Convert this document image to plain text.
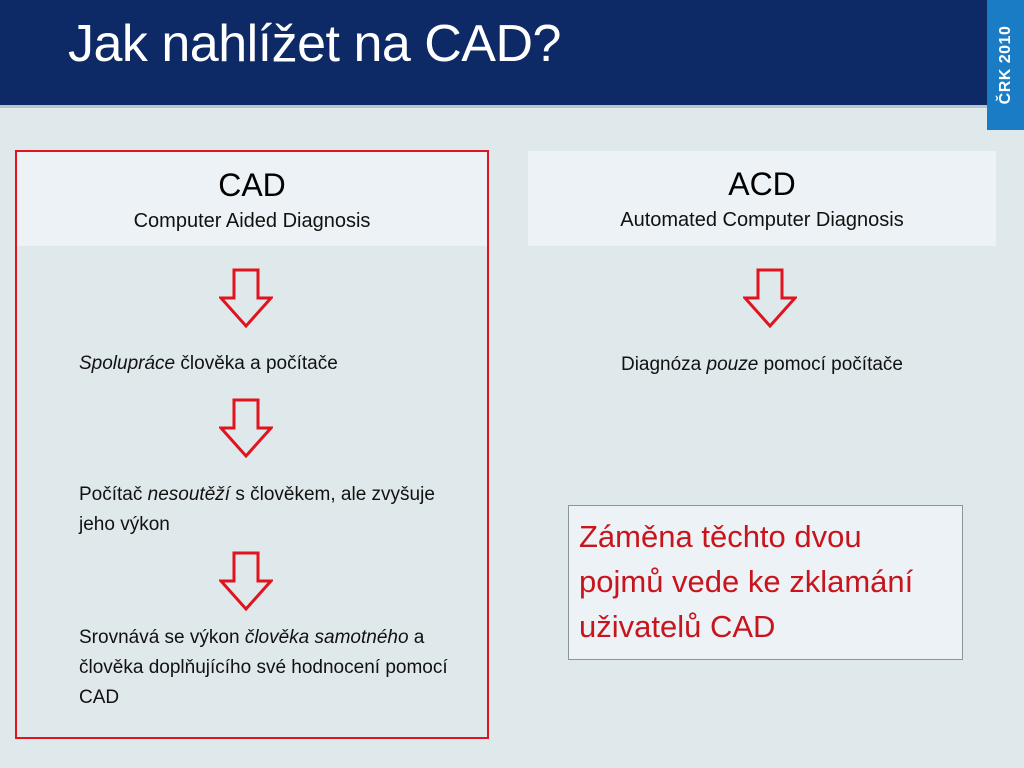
Jak nahlížet na CAD?	ČRK 2010
CAD
Computer Aided Diagnosis
Spolupráce člověka a počítače
Počítač nesoutěží s člověkem, ale zvyšuje jeho výkon
Srovnává se výkon člověka samotného a člověka doplňujícího své hodnocení pomocí CAD
ACD
Automated Computer Diagnosis
Diagnóza pouze pomocí počítače
Záměna těchto dvou pojmů vede ke zklamání uživatelů CAD
